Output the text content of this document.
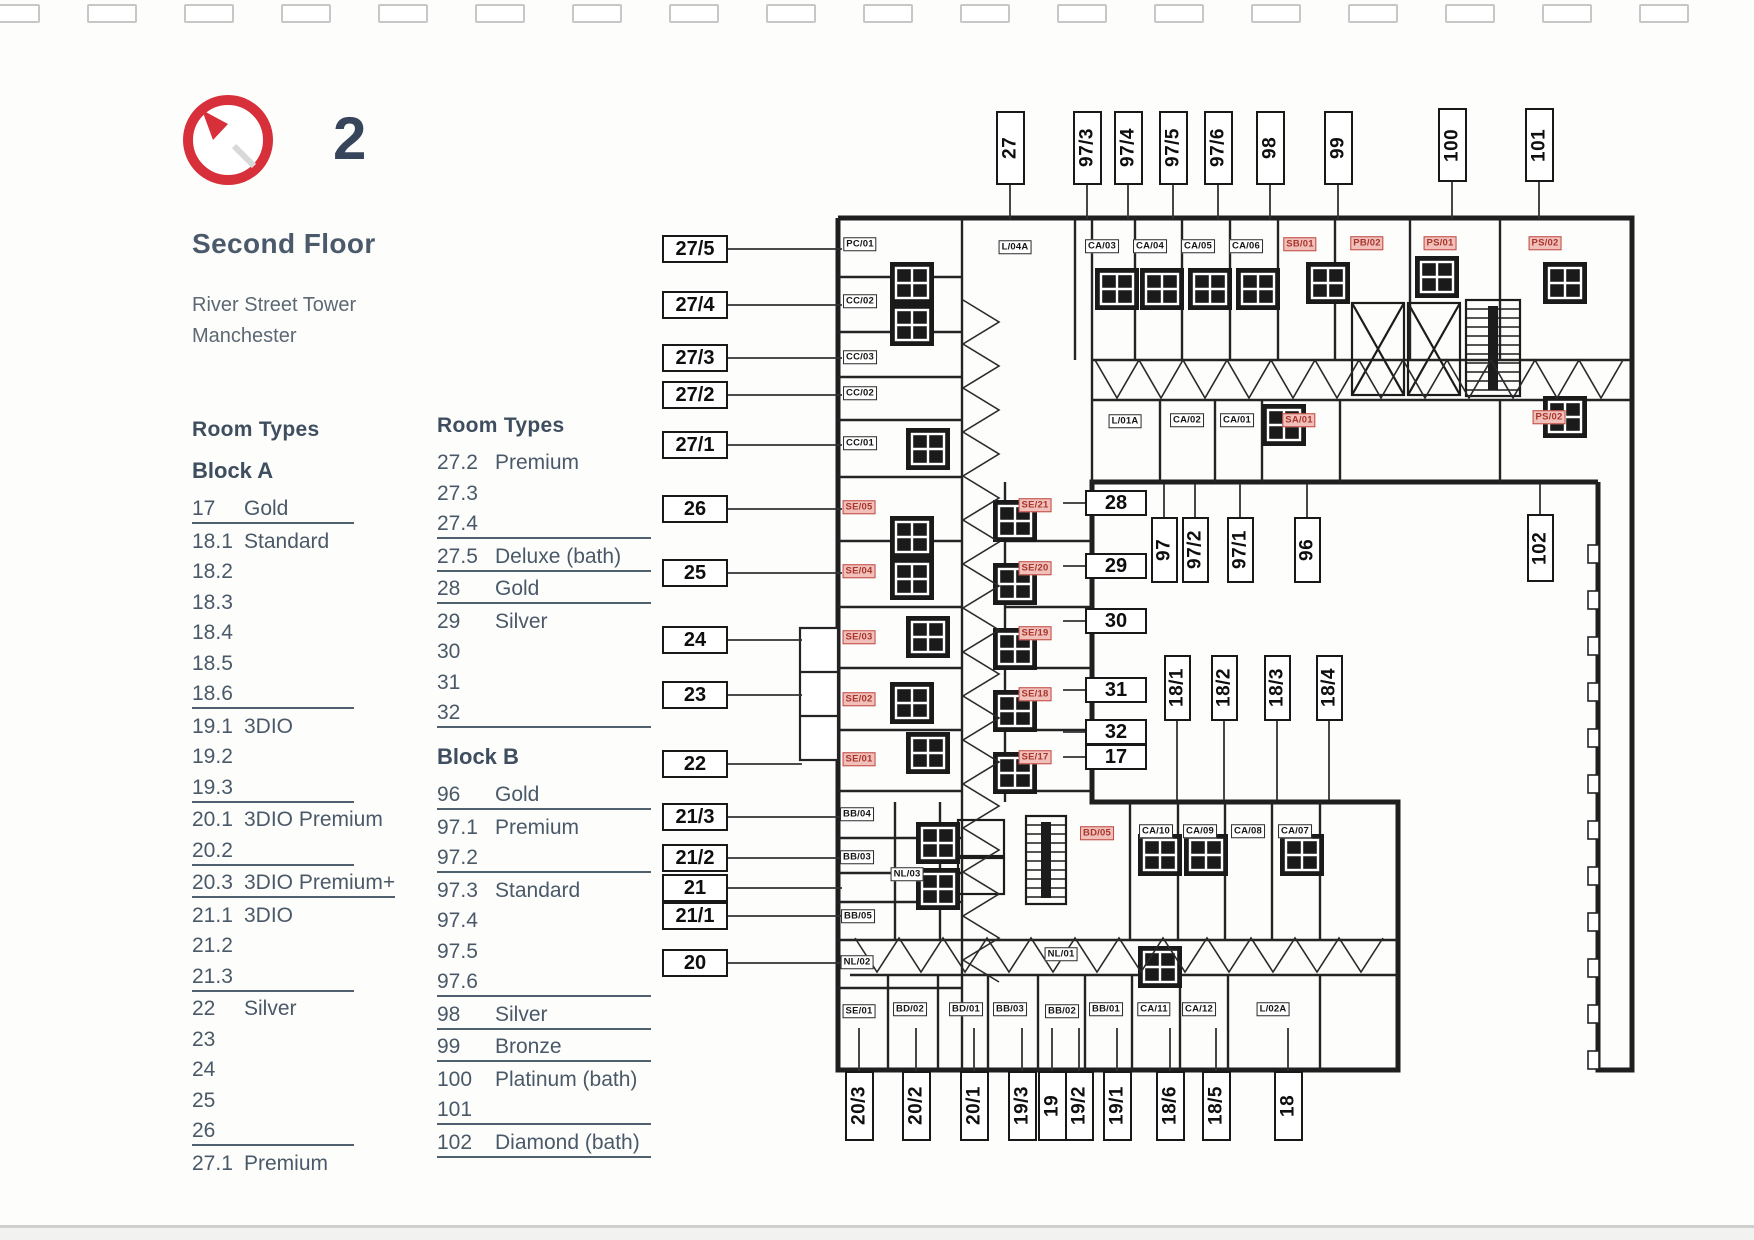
2
Second Floor
River Street Tower
Manchester
Room Types
Block A
17	Gold
18.1 Standard
18.2
18.3
18.4
18.5
18.6
19.1 3DIO
19.2
19.3
20.1 3DIO Premium
20.2
20.3 3DIO Premium+
21.1 3DIO
21.2
21.3
22	Silver
23
24
25
26
27.1 Premium
Room Types
27.2 Premium
27.3
27.4
27.5 Deluxe (bath)
28	Gold
29	Silver
30
31
32
Block B
96	Gold
97.1 Premium
97.2
97.3 Standard
97.4
97.5
97.6
98	Silver
99	Bronze
100	Platinum (bath)
101
102	Diamond (bath)
27	97/3 97/4 97/5 97/6 98 99	100	101
27/5
27/4
27/3
27/2
27/1
26
25
24
23
22
21/3
21/2
21
21/1
20
20/3 20/2 20/1 19/3 19 19/2 19/1 18/6 18/5	18
28
29
30
31
32
17
97 97/2 97/1 96
18/1 18/2 18/3 18/4
102
PC/01
CC/02
CC/03
CC/02
CC/01
L/04A	CA/03	CA/04	CA/05	CA/06
L/01A	CA/02	CA/01
BB/04
BB/03
NL/03
BB/05
NL/02
NL/01
SE/01	BD/02	BD/01	BB/03	BB/02	BB/01	CA/11	CA/12	L/02A
CA/10	CA/09	CA/08	CA/07
SB/01	PB/02	PS/01	PS/02
SA/01	PS/02
SE/05
SE/04
SE/03
SE/02
SE/01
SE/21
SE/20
SE/19
SE/18
SE/17
BD/05
